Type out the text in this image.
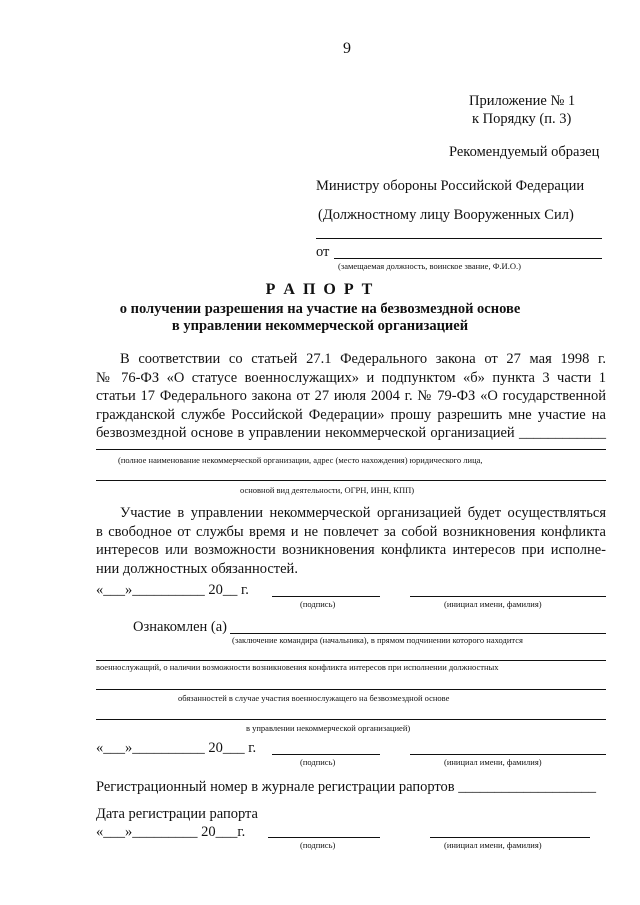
9
Приложение № 1
к Порядку (п. 3)
Рекомендуемый образец
Министру обороны Российской Федерации
(Должностному лицу Вооруженных Сил)
от
(замещаемая должность, воинское звание, Ф.И.О.)
Р А П О Р Т
о получении разрешения на участие на безвозмездной основе
в управлении некоммерческой организацией
В соответствии со статьей 27.1 Федерального закона от 27 мая 1998 г.
№ 76-ФЗ «О статусе военнослужащих» и подпунктом «б» пункта 3 части 1
статьи 17 Федерального закона от 27 июля 2004 г. № 79-ФЗ «О государственной
гражданской службе Российской Федерации» прошу разрешить мне участие на
безвозмездной основе в управлении некоммерческой организацией ____________
(полное наименование некоммерческой организации, адрес (место нахождения) юридического лица,
основной вид деятельности, ОГРН, ИНН, КПП)
Участие в управлении некоммерческой организацией будет осуществляться
в свободное от службы время и не повлечет за собой возникновения конфликта
интересов или возможности возникновения конфликта интересов при исполне-
нии должностных обязанностей.
«___»__________ 20__ г.
(подпись)	(инициал имени, фамилия)
Ознакомлен (а)
(заключение командира (начальника), в прямом подчинении которого находится
военнослужащий, о наличии возможности возникновения конфликта интересов при исполнении должностных
обязанностей в случае участия военнослужащего на безвозмездной основе
в управлении некоммерческой организацией)
«___»__________ 20___ г.
(подпись)	(инициал имени, фамилия)
Регистрационный номер в журнале регистрации рапортов ___________________
Дата регистрации рапорта
«___»_________ 20___г.
(подпись)	(инициал имени, фамилия)
